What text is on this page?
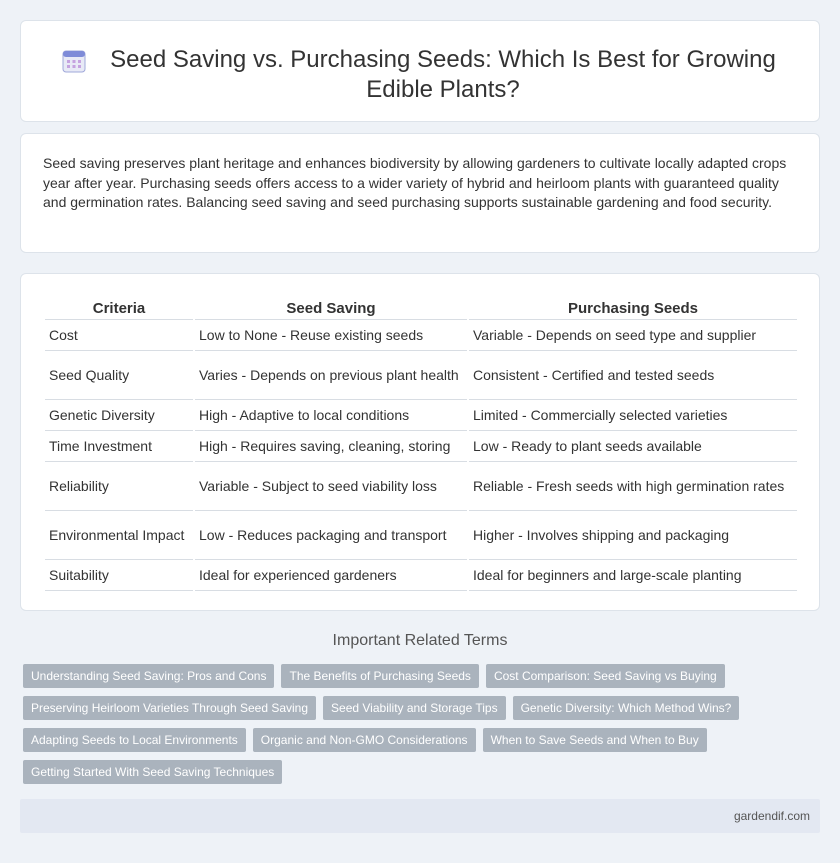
Seed Saving vs. Purchasing Seeds: Which Is Best for Growing Edible Plants?

Seed saving preserves plant heritage and enhances biodiversity by allowing gardeners to cultivate locally adapted crops year after year. Purchasing seeds offers access to a wider variety of hybrid and heirloom plants with guaranteed quality and germination rates. Balancing seed saving and seed purchasing supports sustainable gardening and food security.

Criteria	Seed Saving	Purchasing Seeds
Cost	Low to None - Reuse existing seeds	Variable - Depends on seed type and supplier
Seed Quality	Varies - Depends on previous plant health	Consistent - Certified and tested seeds
Genetic Diversity	High - Adaptive to local conditions	Limited - Commercially selected varieties
Time Investment	High - Requires saving, cleaning, storing	Low - Ready to plant seeds available
Reliability	Variable - Subject to seed viability loss	Reliable - Fresh seeds with high germination rates
Environmental Impact	Low - Reduces packaging and transport	Higher - Involves shipping and packaging
Suitability	Ideal for experienced gardeners	Ideal for beginners and large-scale planting
Important Related Terms
Understanding Seed Saving: Pros and Cons	The Benefits of Purchasing Seeds	Cost Comparison: Seed Saving vs Buying
Preserving Heirloom Varieties Through Seed Saving	Seed Viability and Storage Tips	Genetic Diversity: Which Method Wins?
Adapting Seeds to Local Environments	Organic and Non-GMO Considerations	When to Save Seeds and When to Buy
Getting Started With Seed Saving Techniques
gardendif.com
